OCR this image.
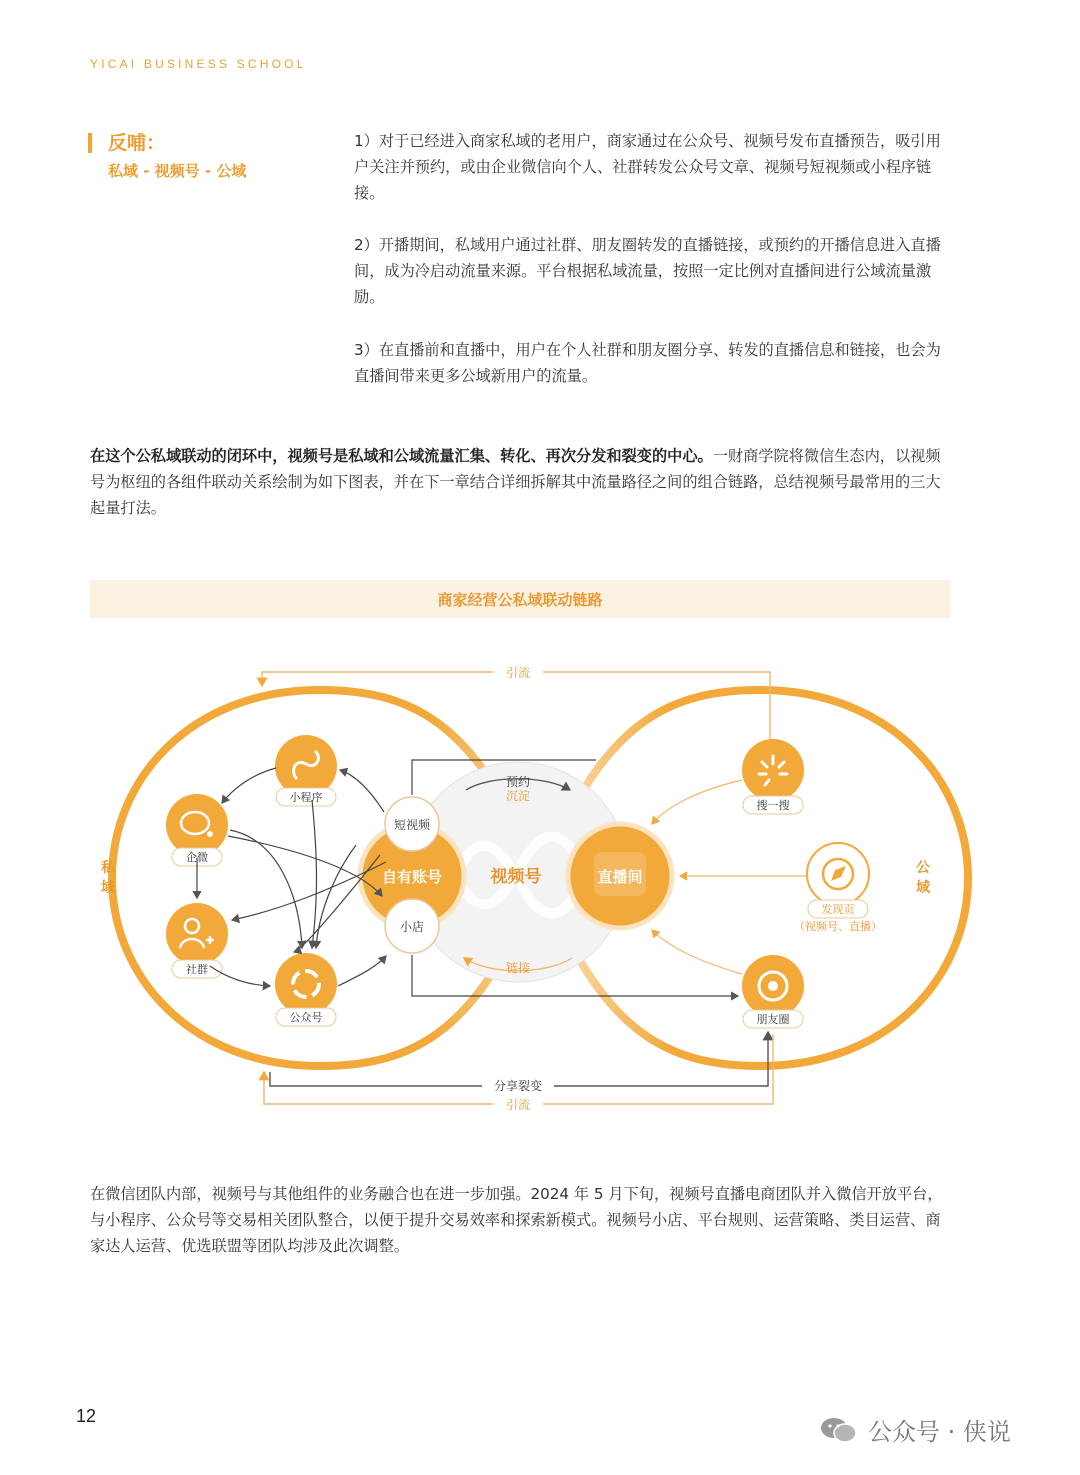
YICAI BUSINESS SCHOOL
反哺：
私域 - 视频号 - 公域

1）对于已经进入商家私域的老用户，商家通过在公众号、视频号发布直播预告，吸引用户关注并预约，或由企业微信向个人、社群转发公众号文章、视频号短视频或小程序链接。

2）开播期间，私域用户通过社群、朋友圈转发的直播链接，或预约的开播信息进入直播间，成为冷启动流量来源。平台根据私域流量，按照一定比例对直播间进行公域流量激励。

3）在直播前和直播中，用户在个人社群和朋友圈分享、转发的直播信息和链接，也会为直播间带来更多公域新用户的流量。

在这个公私域联动的闭环中，视频号是私域和公域流量汇集、转化、再次分发和裂变的中心。一财商学院将微信生态内，以视频号为枢纽的各组件联动关系绘制为如下图表，并在下一章结合详细拆解其中流量路径之间的组合链路，总结视频号最常用的三大起量打法。

商家经营公私域联动链路
引流
分享裂变
引流
私
域
公
域
视频号
预约
沉淀
链接
自有账号
短视频
小店
直播间
小程序
企微
社群
公众号
搜一搜
发现页
（视频号、直播）
朋友圈

在微信团队内部，视频号与其他组件的业务融合也在进一步加强。2024 年 5 月下旬，视频号直播电商团队并入微信开放平台，与小程序、公众号等交易相关团队整合，以便于提升交易效率和探索新模式。视频号小店、平台规则、运营策略、类目运营、商家达人运营、优选联盟等团队均涉及此次调整。

12
公众号 · 侠说
